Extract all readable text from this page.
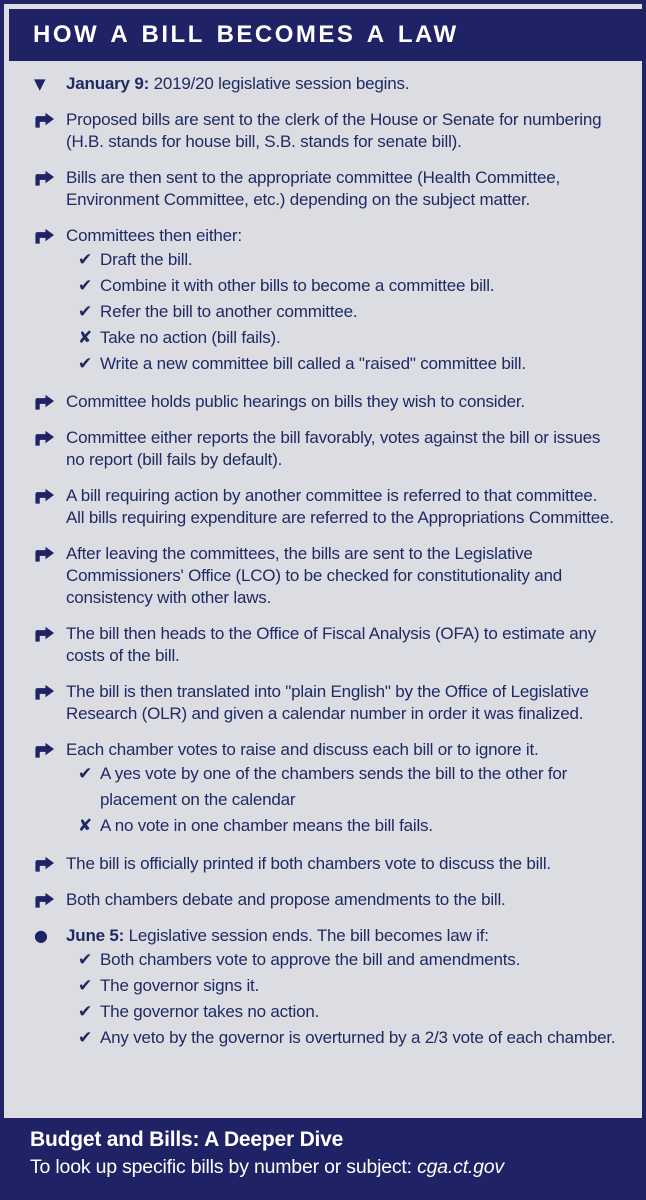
HOW A BILL BECOMES A LAW
▼	January 9: 2019/20 legislative session begins.
Proposed bills are sent to the clerk of the House or Senate for numbering (H.B. stands for house bill, S.B. stands for senate bill).
Bills are then sent to the appropriate committee (Health Committee, Environment Committee, etc.) depending on the subject matter.
Committees then either:
✔ Draft the bill.
✔ Combine it with other bills to become a committee bill.
✔ Refer the bill to another committee.
✘ Take no action (bill fails).
✔ Write a new committee bill called a "raised" committee bill.
Committee holds public hearings on bills they wish to consider.
Committee either reports the bill favorably, votes against the bill or issues no report (bill fails by default).
A bill requiring action by another committee is referred to that committee. All bills requiring expenditure are referred to the Appropriations Committee.
After leaving the committees, the bills are sent to the Legislative Commissioners' Office (LCO) to be checked for constitutionality and consistency with other laws.
The bill then heads to the Office of Fiscal Analysis (OFA) to estimate any costs of the bill.
The bill is then translated into "plain English" by the Office of Legislative Research (OLR) and given a calendar number in order it was finalized.
Each chamber votes to raise and discuss each bill or to ignore it.
✔ A yes vote by one of the chambers sends the bill to the other for placement on the calendar
✘ A no vote in one chamber means the bill fails.
The bill is officially printed if both chambers vote to discuss the bill.
Both chambers debate and propose amendments to the bill.
●	June 5: Legislative session ends. The bill becomes law if:
✔ Both chambers vote to approve the bill and amendments.
✔ The governor signs it.
✔ The governor takes no action.
✔ Any veto by the governor is overturned by a 2/3 vote of each chamber.
Budget and Bills: A Deeper Dive
To look up specific bills by number or subject: cga.ct.gov
